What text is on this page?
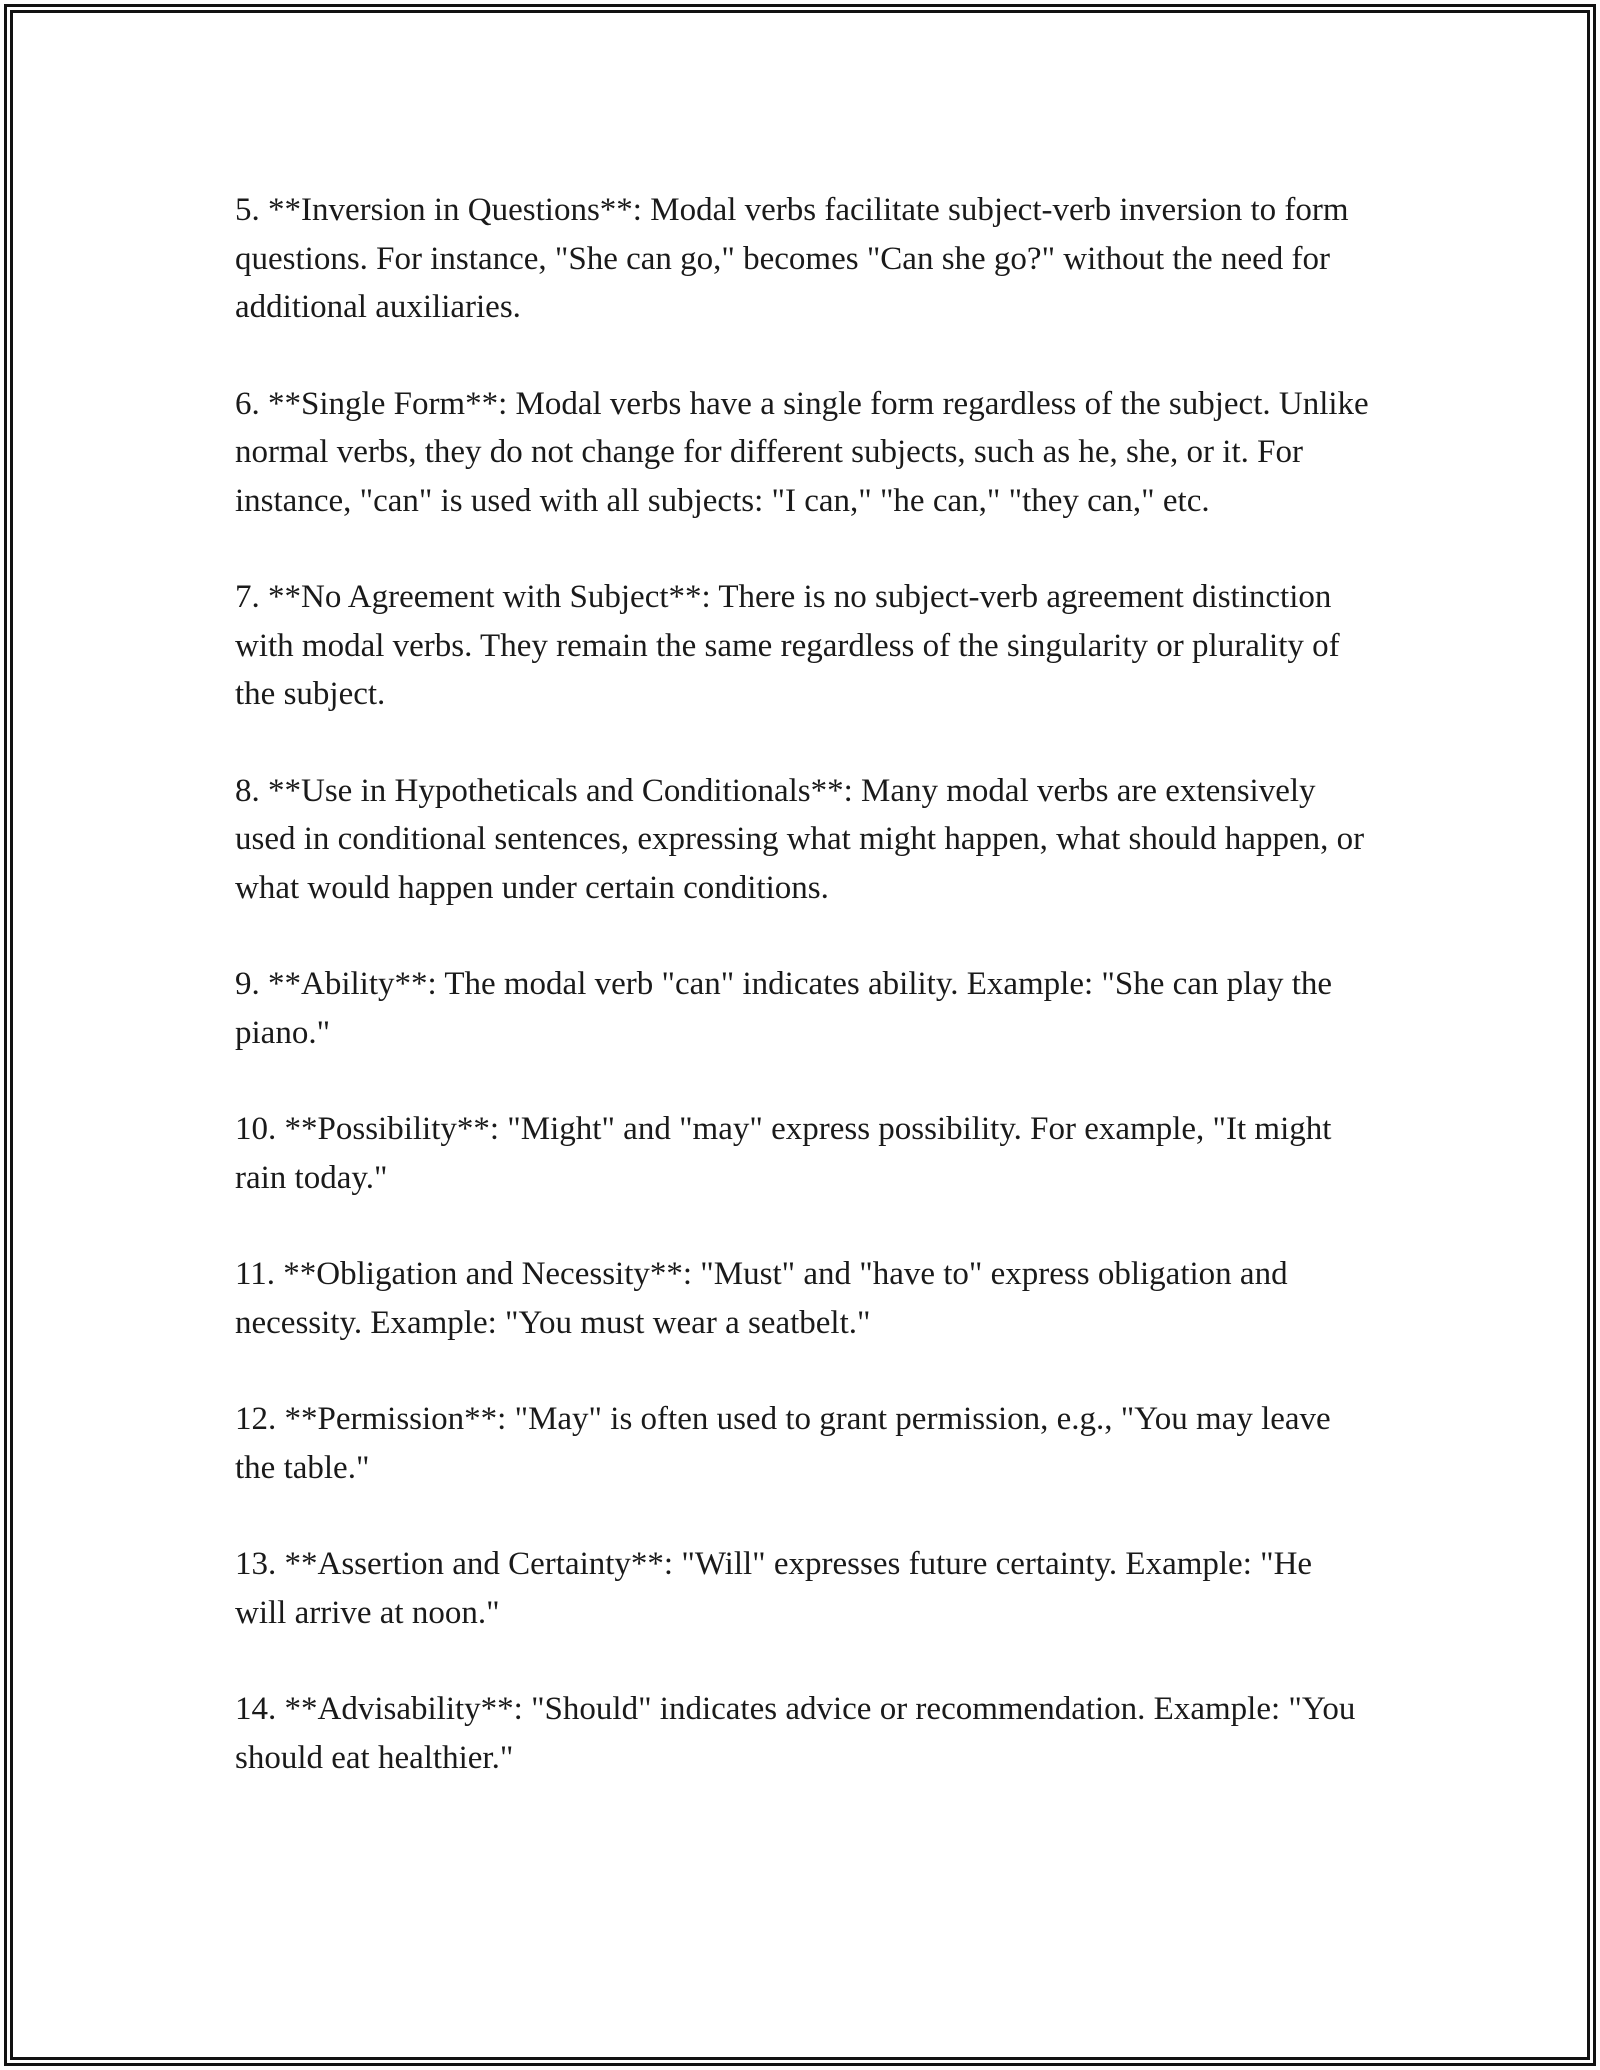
5. **Inversion in Questions**: Modal verbs facilitate subject-verb inversion to form questions. For instance, "She can go," becomes "Can she go?" without the need for additional auxiliaries.

6. **Single Form**: Modal verbs have a single form regardless of the subject. Unlike normal verbs, they do not change for different subjects, such as he, she, or it. For instance, "can" is used with all subjects: "I can," "he can," "they can," etc.

7. **No Agreement with Subject**: There is no subject-verb agreement distinction with modal verbs. They remain the same regardless of the singularity or plurality of the subject.

8. **Use in Hypotheticals and Conditionals**: Many modal verbs are extensively used in conditional sentences, expressing what might happen, what should happen, or what would happen under certain conditions.

9. **Ability**: The modal verb "can" indicates ability. Example: "She can play the piano."

10. **Possibility**: "Might" and "may" express possibility. For example, "It might rain today."

11. **Obligation and Necessity**: "Must" and "have to" express obligation and necessity. Example: "You must wear a seatbelt."

12. **Permission**: "May" is often used to grant permission, e.g., "You may leave the table."

13. **Assertion and Certainty**: "Will" expresses future certainty. Example: "He will arrive at noon."

14. **Advisability**: "Should" indicates advice or recommendation. Example: "You should eat healthier."
